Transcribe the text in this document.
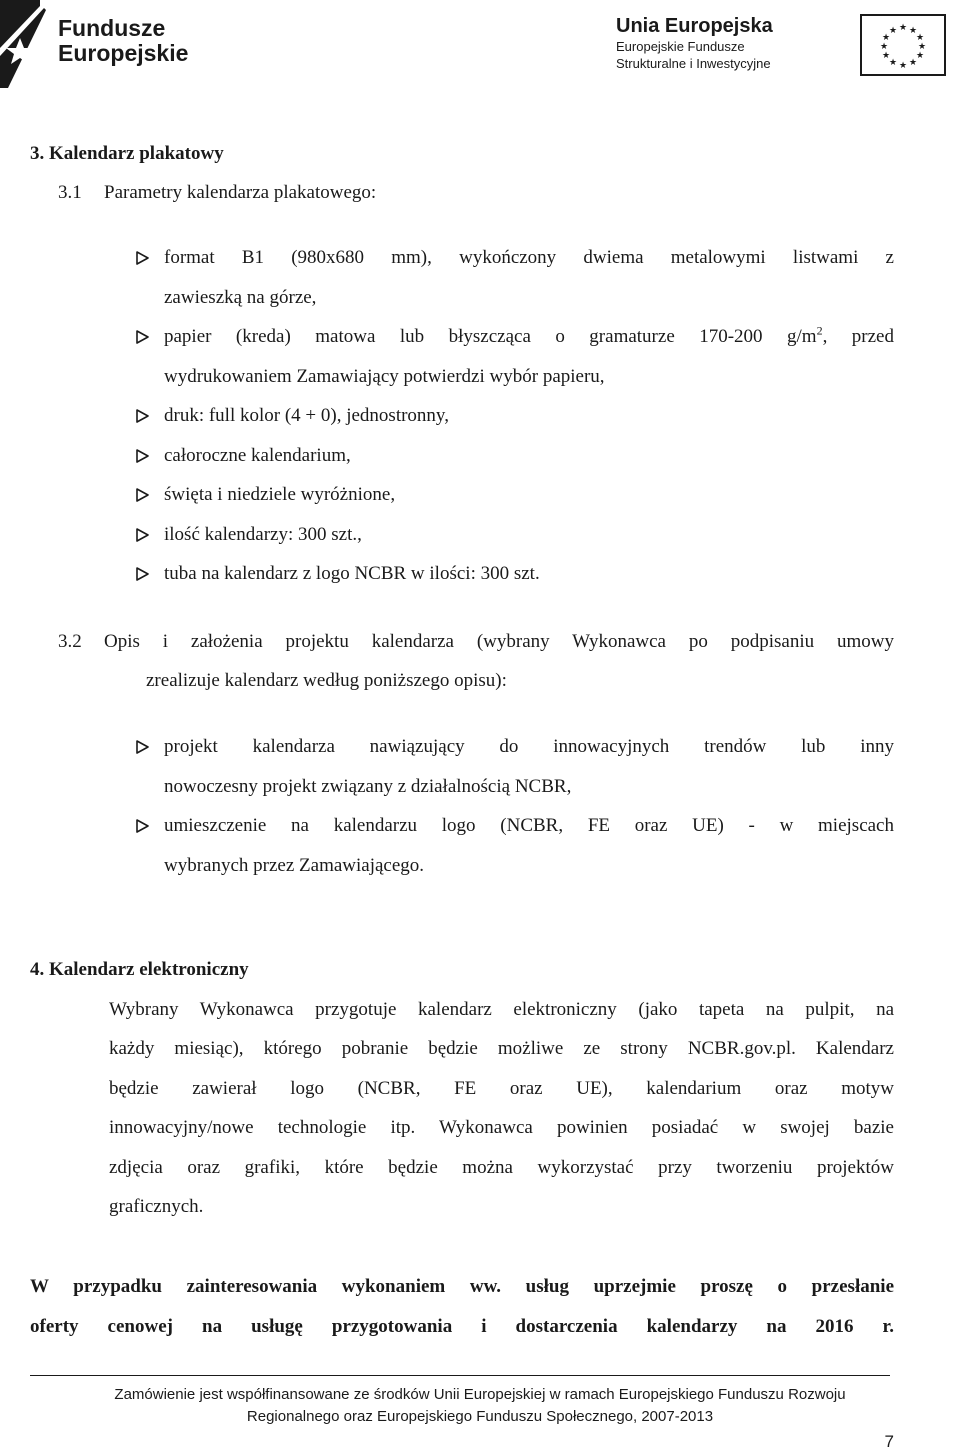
Fundusze
Europejskie
Unia Europejska
Europejskie Fundusze
Strukturalne i Inwestycyjne
★ ★
★
★
★
★
★
★
★
★
★
★
3. Kalendarz plakatowy
3.1 Parametry kalendarza plakatowego:
format B1 (980x680 mm), wykończony dwiema metalowymi listwami z
zawieszką na górze,
papier (kreda) matowa lub błyszcząca o gramaturze 170-200 $g/m^2$, przed
wydrukowaniem Zamawiający potwierdzi wybór papieru,
druk: full kolor (4 + 0), jednostronny,
całoroczne kalendarium,
święta i niedziele wyróżnione,
ilość kalendarzy: 300 szt.,
tuba na kalendarz z logo NCBR w ilości: 300 szt.
3.2 Opis i założenia projektu kalendarza (wybrany Wykonawca po podpisaniu umowy
zrealizuje kalendarz według poniższego opisu):
projekt kalendarza nawiązujący do innowacyjnych trendów lub inny
nowoczesny projekt związany z działalnością NCBR,
umieszczenie na kalendarzu logo (NCBR, FE oraz UE) - w miejscach
wybranych przez Zamawiającego.
4. Kalendarz elektroniczny
Wybrany Wykonawca przygotuje kalendarz elektroniczny (jako tapeta na pulpit, na
każdy miesiąc), którego pobranie będzie możliwe ze strony NCBR.gov.pl. Kalendarz
będzie zawierał logo (NCBR, FE oraz UE), kalendarium oraz motyw
innowacyjny/nowe technologie itp. Wykonawca powinien posiadać w swojej bazie
zdjęcia oraz grafiki, które będzie można wykorzystać przy tworzeniu projektów
graficznych.
W przypadku zainteresowania wykonaniem ww. usług uprzejmie proszę o przesłanie
oferty cenowej na usługę przygotowania i dostarczenia kalendarzy na 2016 r.
Zamówienie jest współfinansowane ze środków Unii Europejskiej w ramach Europejskiego Funduszu Rozwoju
Regionalnego oraz Europejskiego Funduszu Społecznego, 2007-2013
7
